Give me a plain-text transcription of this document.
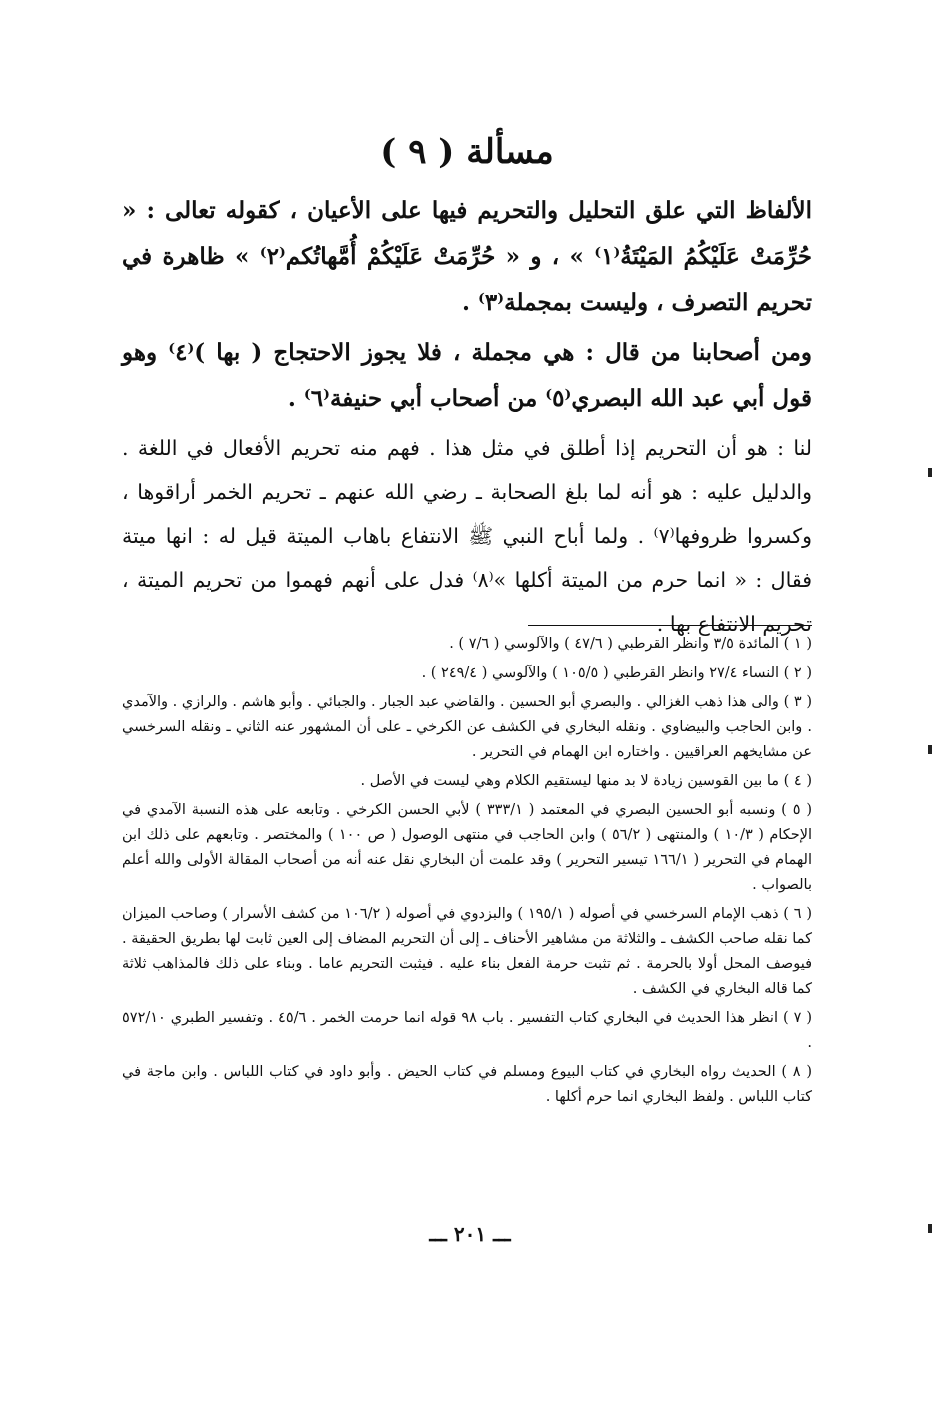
مسألة ( ٩ )

الألفاظ التي علق التحليل والتحريم فيها على الأعيان ، كقوله تعالى : « حُرِّمَتْ عَلَيْكُمُ المَيْتَةُ⁽١⁾ » ، و « حُرِّمَتْ عَلَيْكُمْ أُمَّهاتُكم⁽٢⁾ » ظاهرة في تحريم التصرف ، وليست بمجملة⁽٣⁾ .

ومن أصحابنا من قال : هي مجملة ، فلا يجوز الاحتجاج ( بها )⁽٤⁾ وهو قول أبي عبد الله البصري⁽٥⁾ من أصحاب أبي حنيفة⁽٦⁾ .

لنا : هو أن التحريم إذا أطلق في مثل هذا . فهم منه تحريم الأفعال في اللغة . والدليل عليه : هو أنه لما بلغ الصحابة ـ رضي الله عنهم ـ تحريم الخمر أراقوها ، وكسروا ظروفها⁽٧⁾ . ولما أباح النبي ﷺ الانتفاع باهاب الميتة قيل له : انها ميتة فقال : « انما حرم من الميتة أكلها »⁽٨⁾ فدل على أنهم فهموا من تحريم الميتة ، تحريم الانتفاع بها .

( ١ ) المائدة ٣/٥ وانظر القرطبي ( ٤٧/٦ ) والآلوسي ( ٧/٦ ) .

( ٢ ) النساء ٢٧/٤ وانظر القرطبي ( ١٠٥/٥ ) والآلوسي ( ٢٤٩/٤ ) .

( ٣ ) والى هذا ذهب الغزالي . والبصري أبو الحسين . والقاضي عبد الجبار . والجبائي . وأبو هاشم . والرازي . والآمدي . وابن الحاجب والبيضاوي . ونقله البخاري في الكشف عن الكرخي ـ على أن المشهور عنه الثاني ـ ونقله السرخسي عن مشايخهم العراقيين . واختاره ابن الهمام في التحرير .

( ٤ ) ما بين القوسين زيادة لا بد منها ليستقيم الكلام وهي ليست في الأصل .

( ٥ ) ونسبه أبو الحسين البصري في المعتمد ( ٣٣٣/١ ) لأبي الحسن الكرخي . وتابعه على هذه النسبة الآمدي في الإحكام ( ١٠/٣ ) والمنتهى ( ٥٦/٢ ) وابن الحاجب في منتهى الوصول ( ص ١٠٠ ) والمختصر . وتابعهم على ذلك ابن الهمام في التحرير ( ١٦٦/١ تيسير التحرير ) وقد علمت أن البخاري نقل عنه أنه من أصحاب المقالة الأولى والله أعلم بالصواب .

( ٦ ) ذهب الإمام السرخسي في أصوله ( ١٩٥/١ ) والبزدوي في أصوله ( ١٠٦/٢ من كشف الأسرار ) وصاحب الميزان كما نقله صاحب الكشف ـ والثلاثة من مشاهير الأحناف ـ إلى أن التحريم المضاف إلى العين ثابت لها بطريق الحقيقة . فيوصف المحل أولا بالحرمة . ثم تثبت حرمة الفعل بناء عليه . فيثبت التحريم عاما . وبناء على ذلك فالمذاهب ثلاثة كما قاله البخاري في الكشف .

( ٧ ) انظر هذا الحديث في البخاري كتاب التفسير . باب ٩٨ قوله انما حرمت الخمر . ٤٥/٦ . وتفسير الطبري ٥٧٢/١٠ .

( ٨ ) الحديث رواه البخاري في كتاب البيوع ومسلم في كتاب الحيض . وأبو داود في كتاب اللباس . وابن ماجة في كتاب اللباس . ولفظ البخاري انما حرم أكلها .

ـــ ٢٠١ ـــ
